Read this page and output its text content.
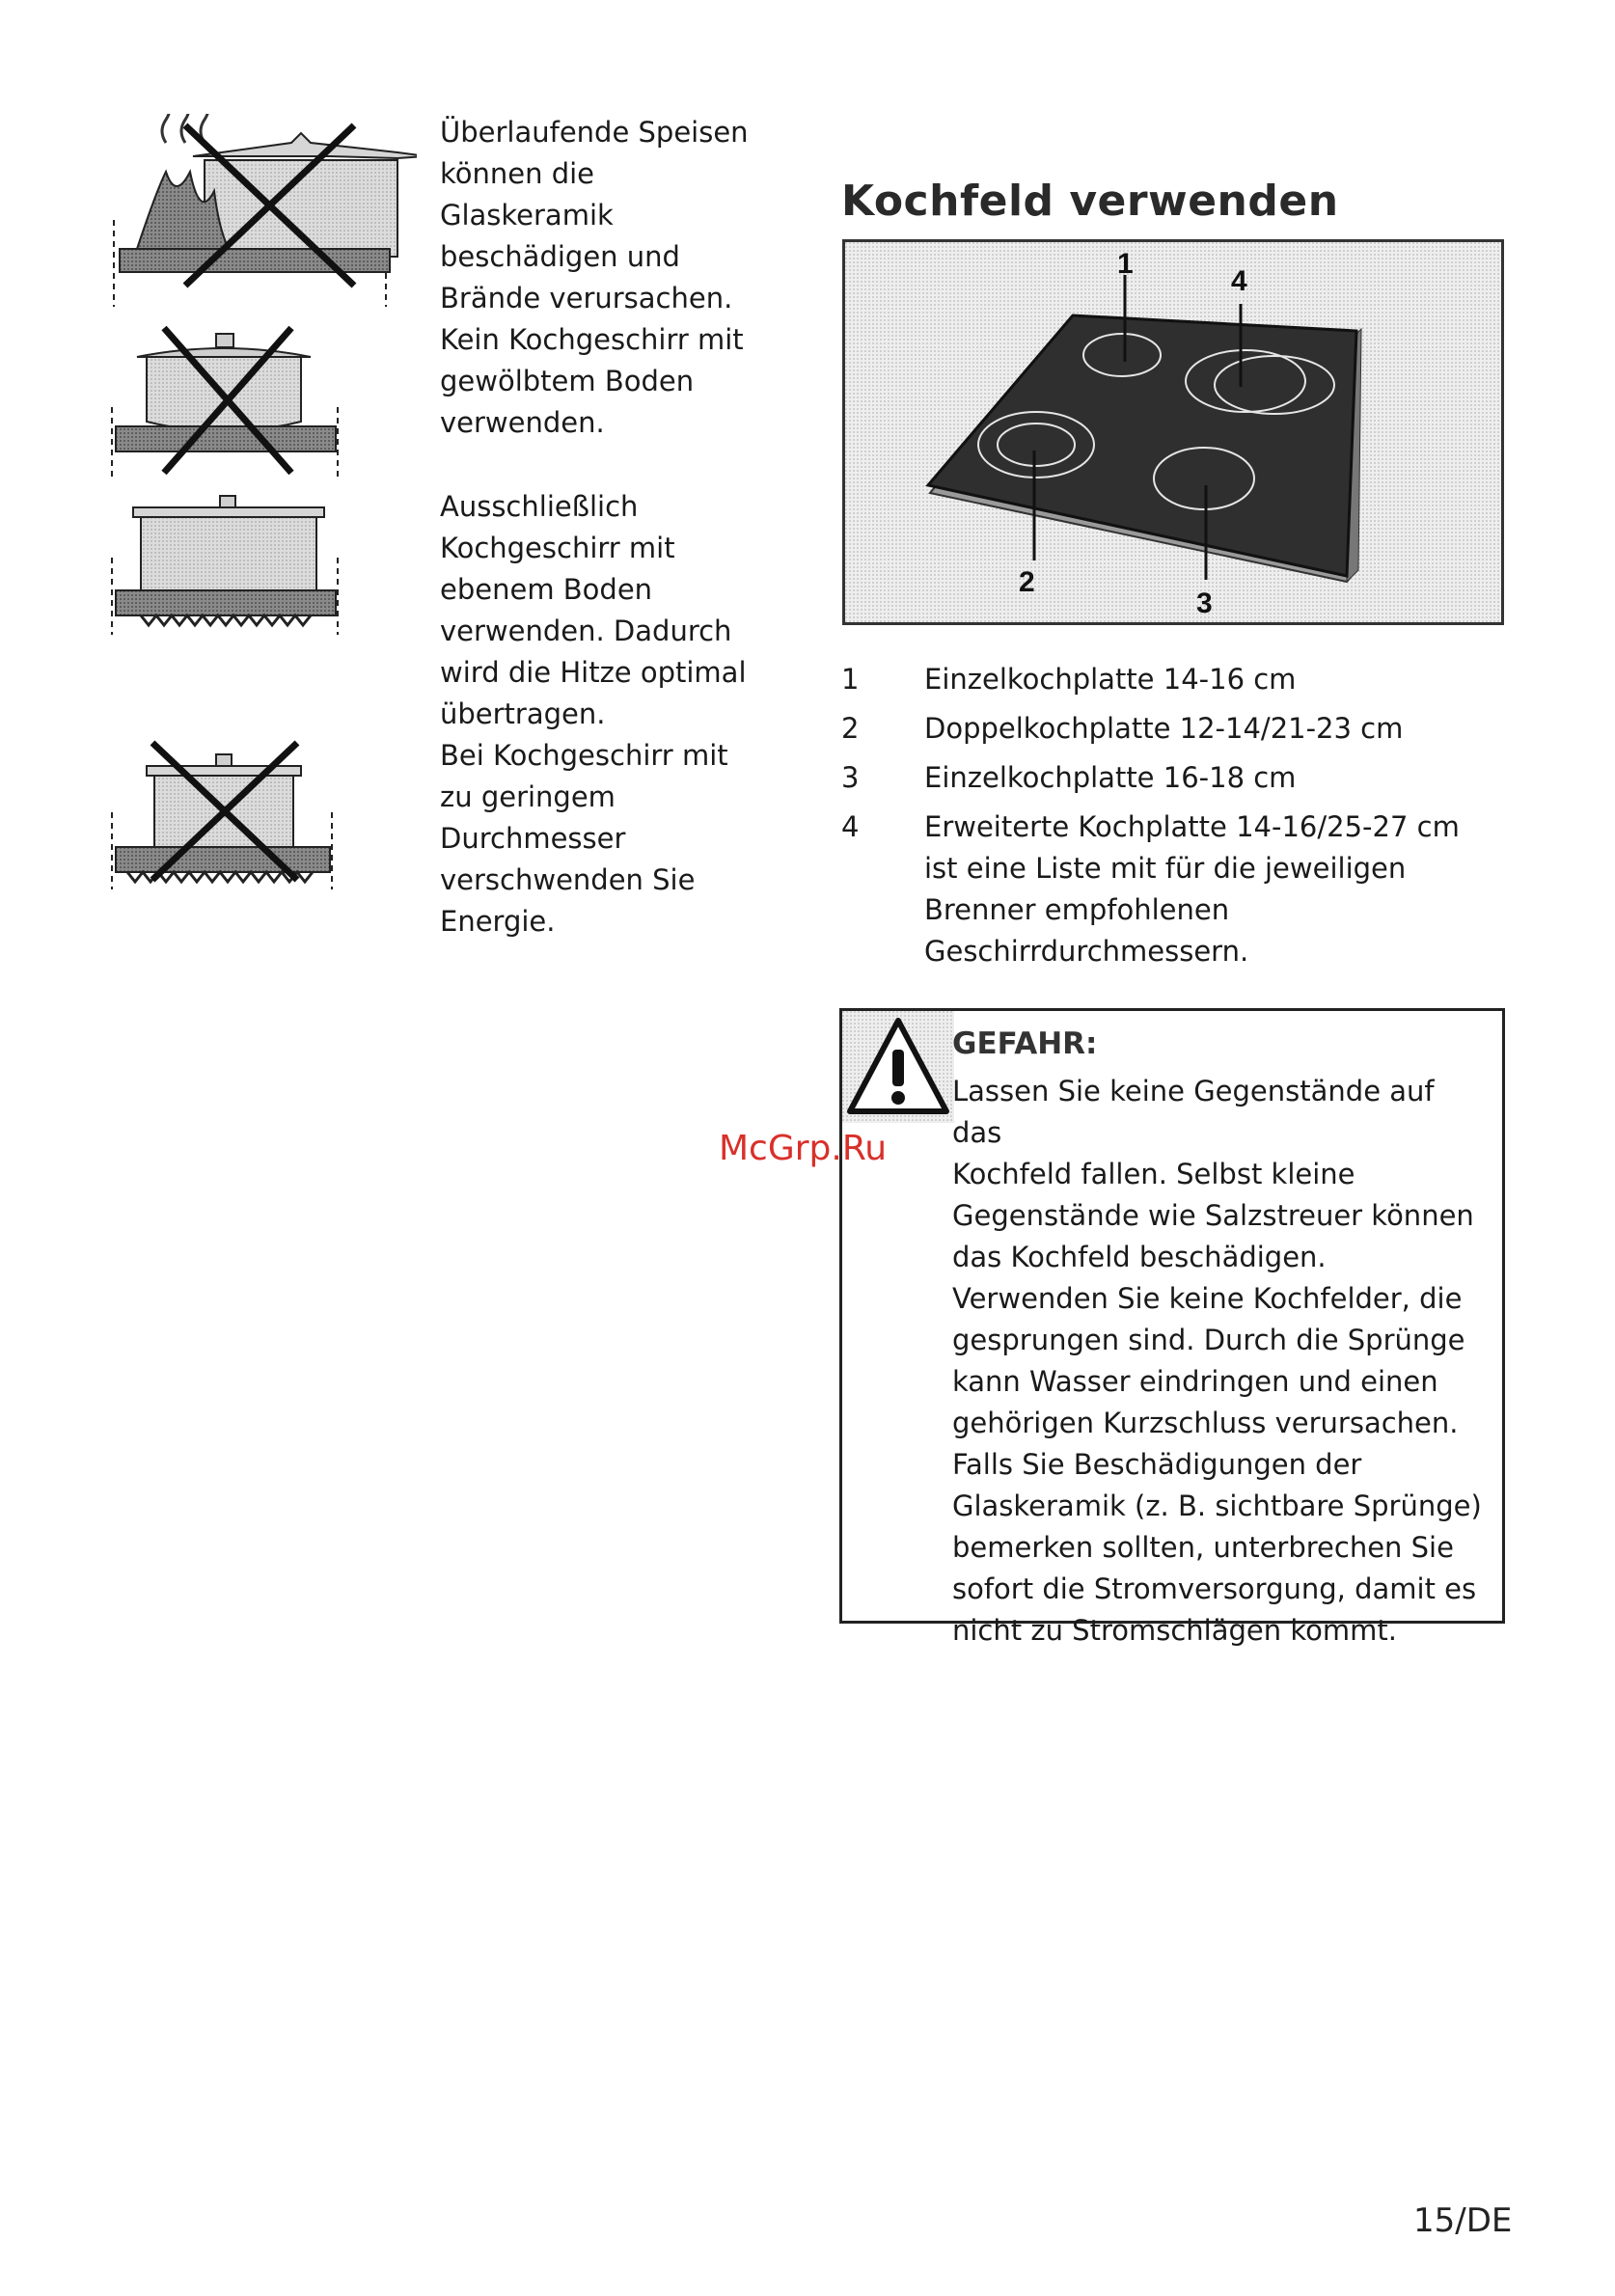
Überlaufende Speisen
können die
Glaskeramik
beschädigen und
Brände verursachen.
Kein Kochgeschirr mit
gewölbtem Boden
verwenden.

Ausschließlich
Kochgeschirr mit
ebenem Boden
verwenden. Dadurch
wird die Hitze optimal
übertragen.
Bei Kochgeschirr mit
zu geringem
Durchmesser
verschwenden Sie
Energie.

Kochfeld verwenden
1
2
3
4
1 Einzelkochplatte 14-16 cm
2 Doppelkochplatte 12-14/21-23 cm
3 Einzelkochplatte 16-18 cm
4 Erweiterte Kochplatte 14-16/25-27 cm ist eine Liste mit für die jeweiligen Brenner empfohlenen Geschirrdurchmessern.
GEFAHR:
Lassen Sie keine Gegenstände auf das
Kochfeld fallen. Selbst kleine
Gegenstände wie Salzstreuer können
das Kochfeld beschädigen.
Verwenden Sie keine Kochfelder, die
gesprungen sind. Durch die Sprünge
kann Wasser eindringen und einen
gehörigen Kurzschluss verursachen.
Falls Sie Beschädigungen der
Glaskeramik (z. B. sichtbare Sprünge)
bemerken sollten, unterbrechen Sie
sofort die Stromversorgung, damit es
nicht zu Stromschlägen kommt.
McGrp.Ru
15/DE
